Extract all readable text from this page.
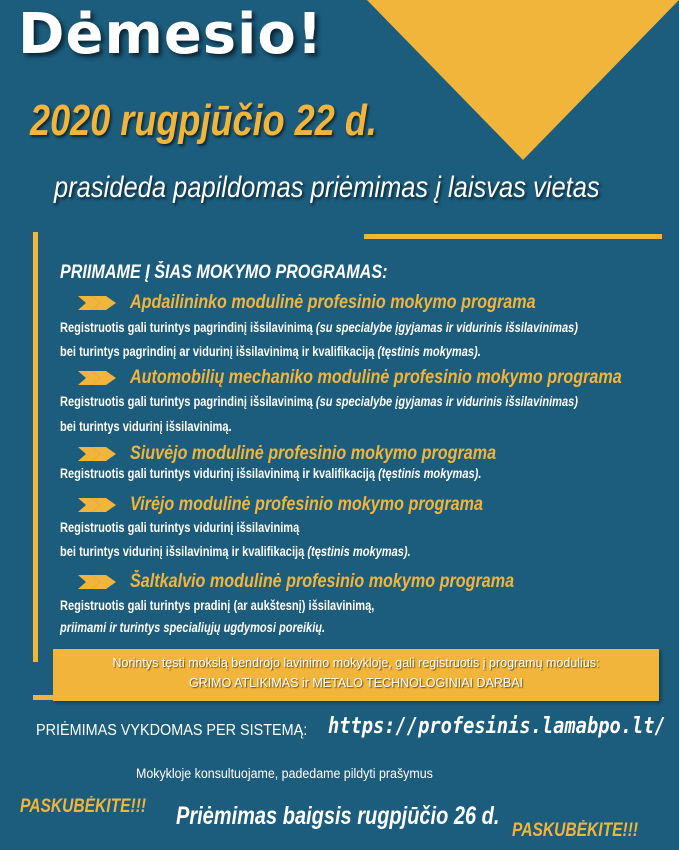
Dėmesio!
2020 rugpjūčio 22 d.
prasideda papildomas priėmimas į laisvas vietas
PRIIMAME Į ŠIAS MOKYMO PROGRAMAS:
Apdailininko modulinė profesinio mokymo programa
Registruotis gali turintys pagrindinį išsilavinimą (su specialybe įgyjamas ir vidurinis išsilavinimas)
bei turintys pagrindinį ar vidurinį išsilavinimą ir kvalifikaciją (tęstinis mokymas).
Automobilių mechaniko modulinė profesinio mokymo programa
Registruotis gali turintys pagrindinį išsilavinimą (su specialybe įgyjamas ir vidurinis išsilavinimas)
bei turintys vidurinį išsilavinimą.
Siuvėjo modulinė profesinio mokymo programa
Registruotis gali turintys vidurinį išsilavinimą ir kvalifikaciją (tęstinis mokymas).
Virėjo modulinė profesinio mokymo programa
Registruotis gali turintys vidurinį išsilavinimą
bei turintys vidurinį išsilavinimą ir kvalifikaciją (tęstinis mokymas).
Šaltkalvio modulinė profesinio mokymo programa
Registruotis gali turintys pradinį (ar aukštesnį) išsilavinimą,
priimami ir turintys specialiųjų ugdymosi poreikių.
Norintys tęsti mokslą bendrojo lavinimo mokykloje, gali registruotis į programų modulius:
GRIMO ATLIKIMAS ir METALO TECHNOLOGINIAI DARBAI
PRIĖMIMAS VYKDOMAS PER SISTEMĄ: https://profesinis.lamabpo.lt/
Mokykloje konsultuojame, padedame pildyti prašymus
PASKUBĖKITE!!! Priėmimas baigsis rugpjūčio 26 d.
PASKUBĖKITE!!!
